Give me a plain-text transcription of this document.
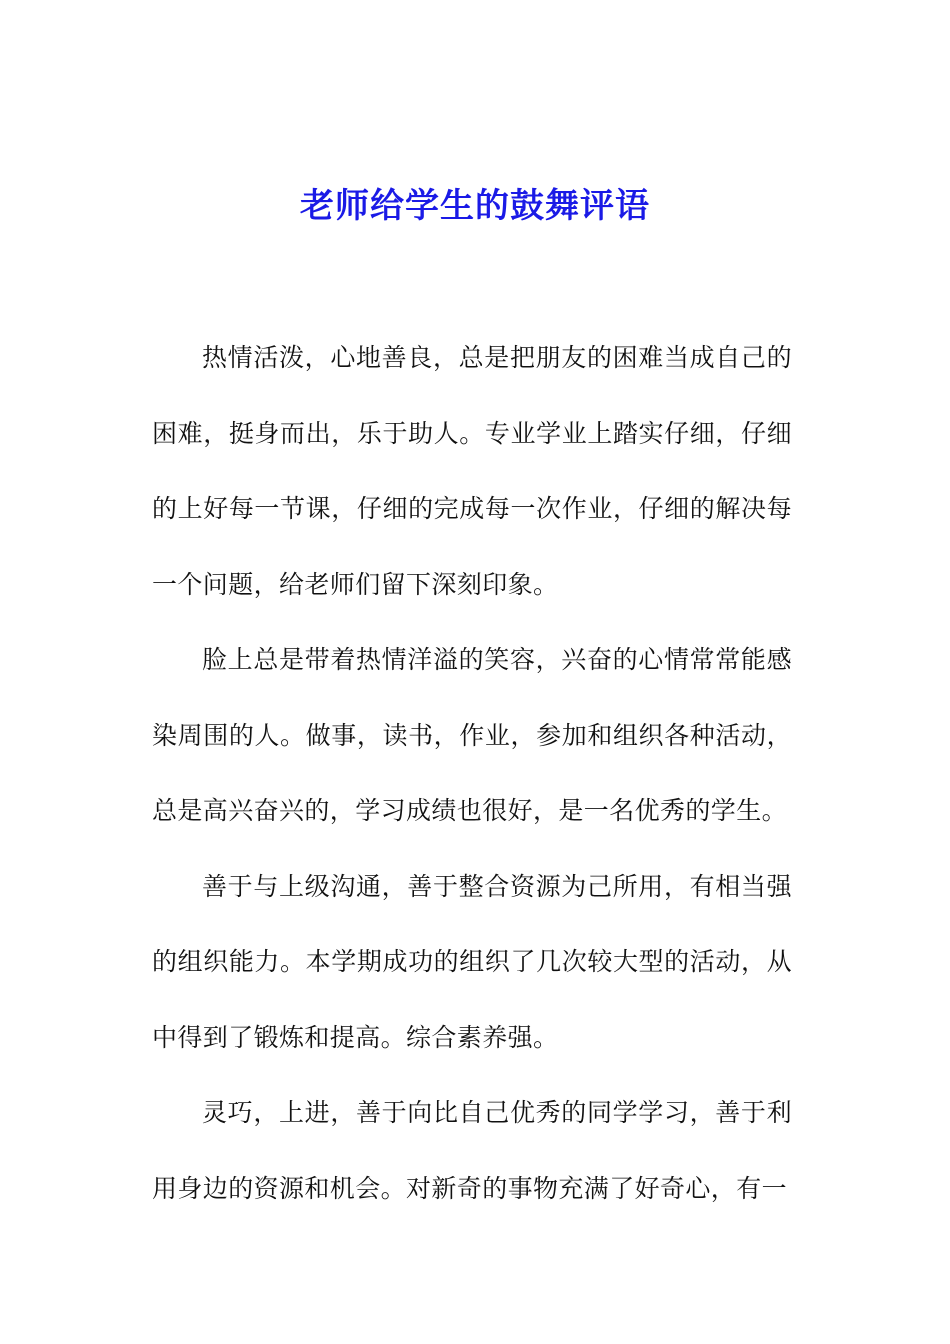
老师给学生的鼓舞评语

热情活泼，心地善良，总是把朋友的困难当成自己的困难，挺身而出，乐于助人。专业学业上踏实仔细，仔细的上好每一节课，仔细的完成每一次作业，仔细的解决每一个问题，给老师们留下深刻印象。

脸上总是带着热情洋溢的笑容，兴奋的心情常常能感染周围的人。做事，读书，作业，参加和组织各种活动，总是高兴奋兴的，学习成绩也很好，是一名优秀的学生。

善于与上级沟通，善于整合资源为己所用，有相当强的组织能力。本学期成功的组织了几次较大型的活动，从中得到了锻炼和提高。综合素养强。

灵巧，上进，善于向比自己优秀的同学学习，善于利用身边的资源和机会。对新奇的事物充满了好奇心，有一
